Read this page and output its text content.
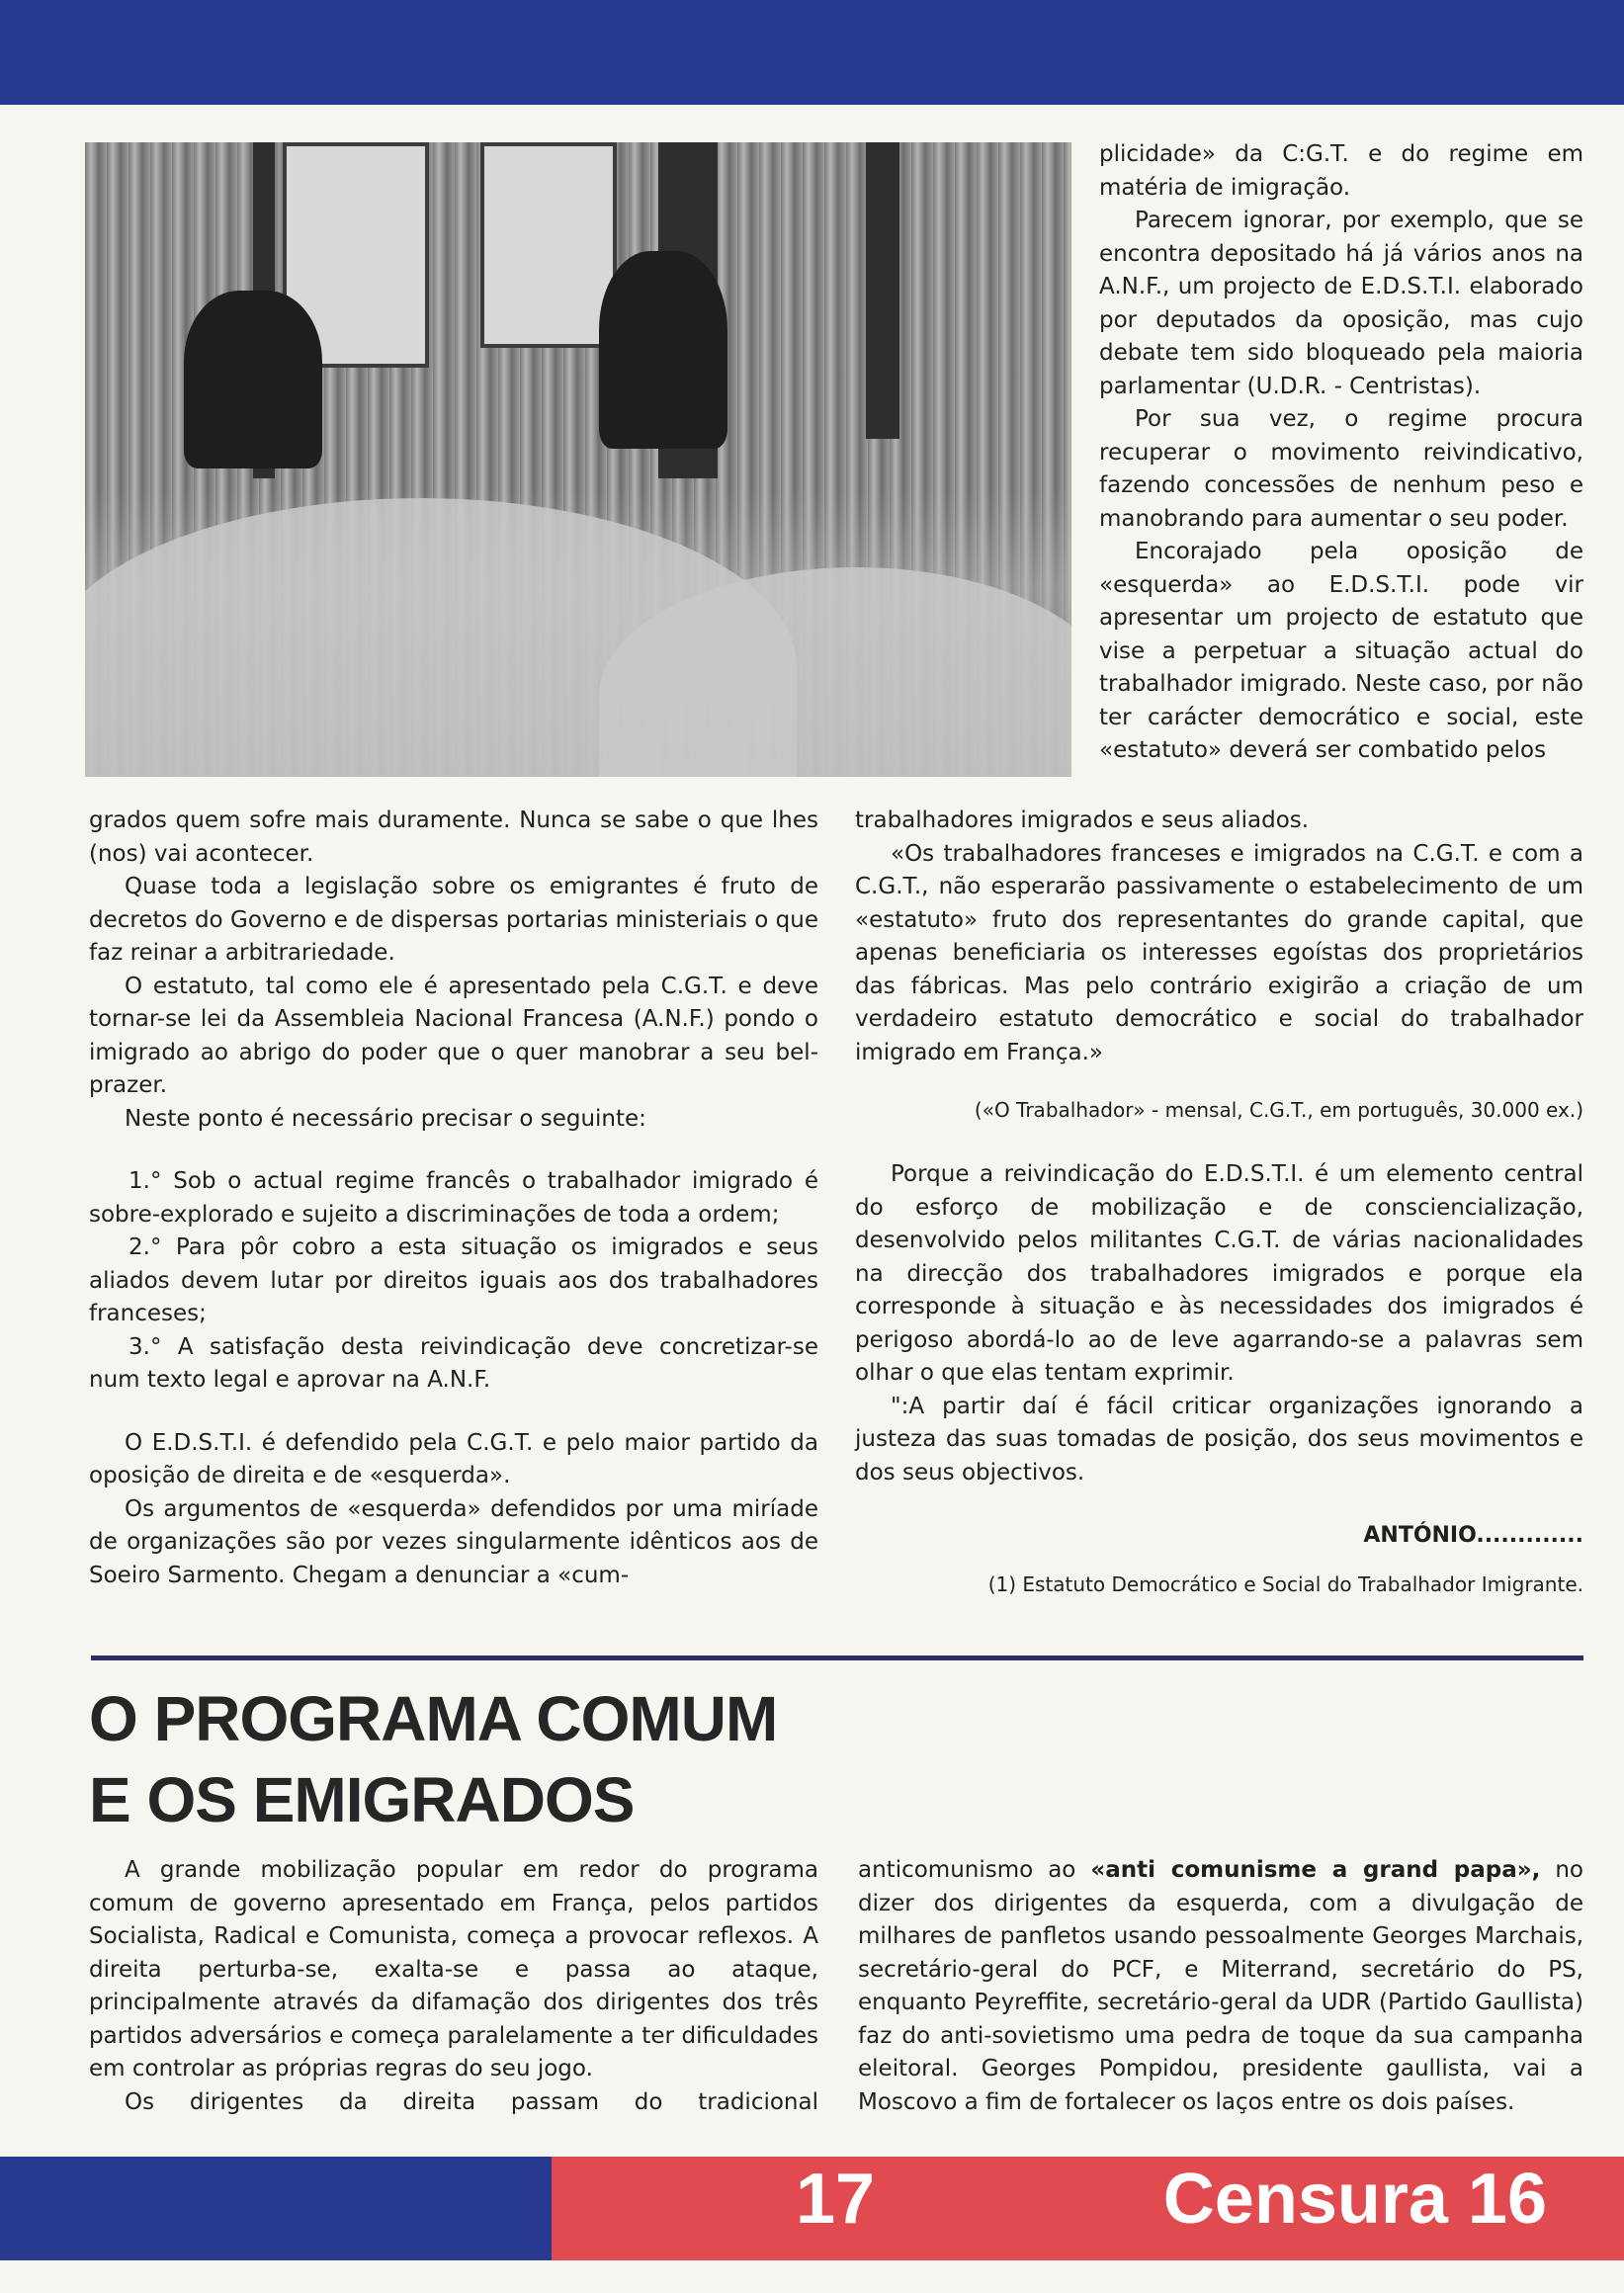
plicidade» da C:G.T. e do regime em matéria de imigração.

Parecem ignorar, por exemplo, que se encontra depositado há já vários anos na A.N.F., um projecto de E.D.S.T.I. elaborado por deputados da oposição, mas cujo debate tem sido bloqueado pela maioria parlamentar (U.D.R. - Centristas).

Por sua vez, o regime procura recuperar o movimento reivindicativo, fazendo concessões de nenhum peso e manobrando para aumentar o seu poder.

Encorajado pela oposição de «esquerda» ao E.D.S.T.I. pode vir apresentar um projecto de estatuto que vise a perpetuar a situação actual do trabalhador imigrado. Neste caso, por não ter carácter democrático e social, este «estatuto» deverá ser combatido pelos

grados quem sofre mais duramente. Nunca se sabe o que lhes (nos) vai acontecer.

Quase toda a legislação sobre os emigrantes é fruto de decretos do Governo e de dispersas portarias ministeriais o que faz reinar a arbitrariedade.

O estatuto, tal como ele é apresentado pela C.G.T. e deve tornar-se lei da Assembleia Nacional Francesa (A.N.F.) pondo o imigrado ao abrigo do poder que o quer manobrar a seu bel-prazer.

Neste ponto é necessário precisar o seguinte:

1.° Sob o actual regime francês o trabalhador imigrado é sobre-explorado e sujeito a discriminações de toda a ordem;

2.° Para pôr cobro a esta situação os imigrados e seus aliados devem lutar por direitos iguais aos dos trabalhadores franceses;

3.° A satisfação desta reivindicação deve concretizar-se num texto legal e aprovar na A.N.F.

O E.D.S.T.I. é defendido pela C.G.T. e pelo maior partido da oposição de direita e de «esquerda».

Os argumentos de «esquerda» defendidos por uma miríade de organizações são por vezes singularmente idênticos aos de Soeiro Sarmento. Chegam a denunciar a «cum-

trabalhadores imigrados e seus aliados.

«Os trabalhadores franceses e imigrados na C.G.T. e com a C.G.T., não esperarão passivamente o estabelecimento de um «estatuto» fruto dos representantes do grande capital, que apenas beneficiaria os interesses egoístas dos proprietários das fábricas. Mas pelo contrário exigirão a criação de um verdadeiro estatuto democrático e social do trabalhador imigrado em França.»

(«O Trabalhador» - mensal, C.G.T., em português, 30.000 ex.)

Porque a reivindicação do E.D.S.T.I. é um elemento central do esforço de mobilização e de consciencialização, desenvolvido pelos militantes C.G.T. de várias nacionalidades na direcção dos trabalhadores imigrados e porque ela corresponde à situação e às necessidades dos imigrados é perigoso abordá-lo ao de leve agarrando-se a palavras sem olhar o que elas tentam exprimir.

":A partir daí é fácil criticar organizações ignorando a justeza das suas tomadas de posição, dos seus movimentos e dos seus objectivos.

ANTÓNIO.............
(1) Estatuto Democrático e Social do Trabalhador Imigrante.
O PROGRAMA COMUM
E OS EMIGRADOS

A grande mobilização popular em redor do programa comum de governo apresentado em França, pelos partidos Socialista, Radical e Comunista, começa a provocar reflexos. A direita perturba-se, exalta-se e passa ao ataque, principalmente através da difamação dos dirigentes dos três partidos adversários e começa paralelamente a ter dificuldades em controlar as próprias regras do seu jogo.

Os dirigentes da direita passam do tradicional

anticomunismo ao «anti comunisme a grand papa», no dizer dos dirigentes da esquerda, com a divulgação de milhares de panfletos usando pessoalmente Georges Marchais, secretário-geral do PCF, e Miterrand, secretário do PS, enquanto Peyreffite, secretário-geral da UDR (Partido Gaullista) faz do anti-sovietismo uma pedra de toque da sua campanha eleitoral. Georges Pompidou, presidente gaullista, vai a Moscovo a fim de fortalecer os laços entre os dois países.

17	Censura 16
